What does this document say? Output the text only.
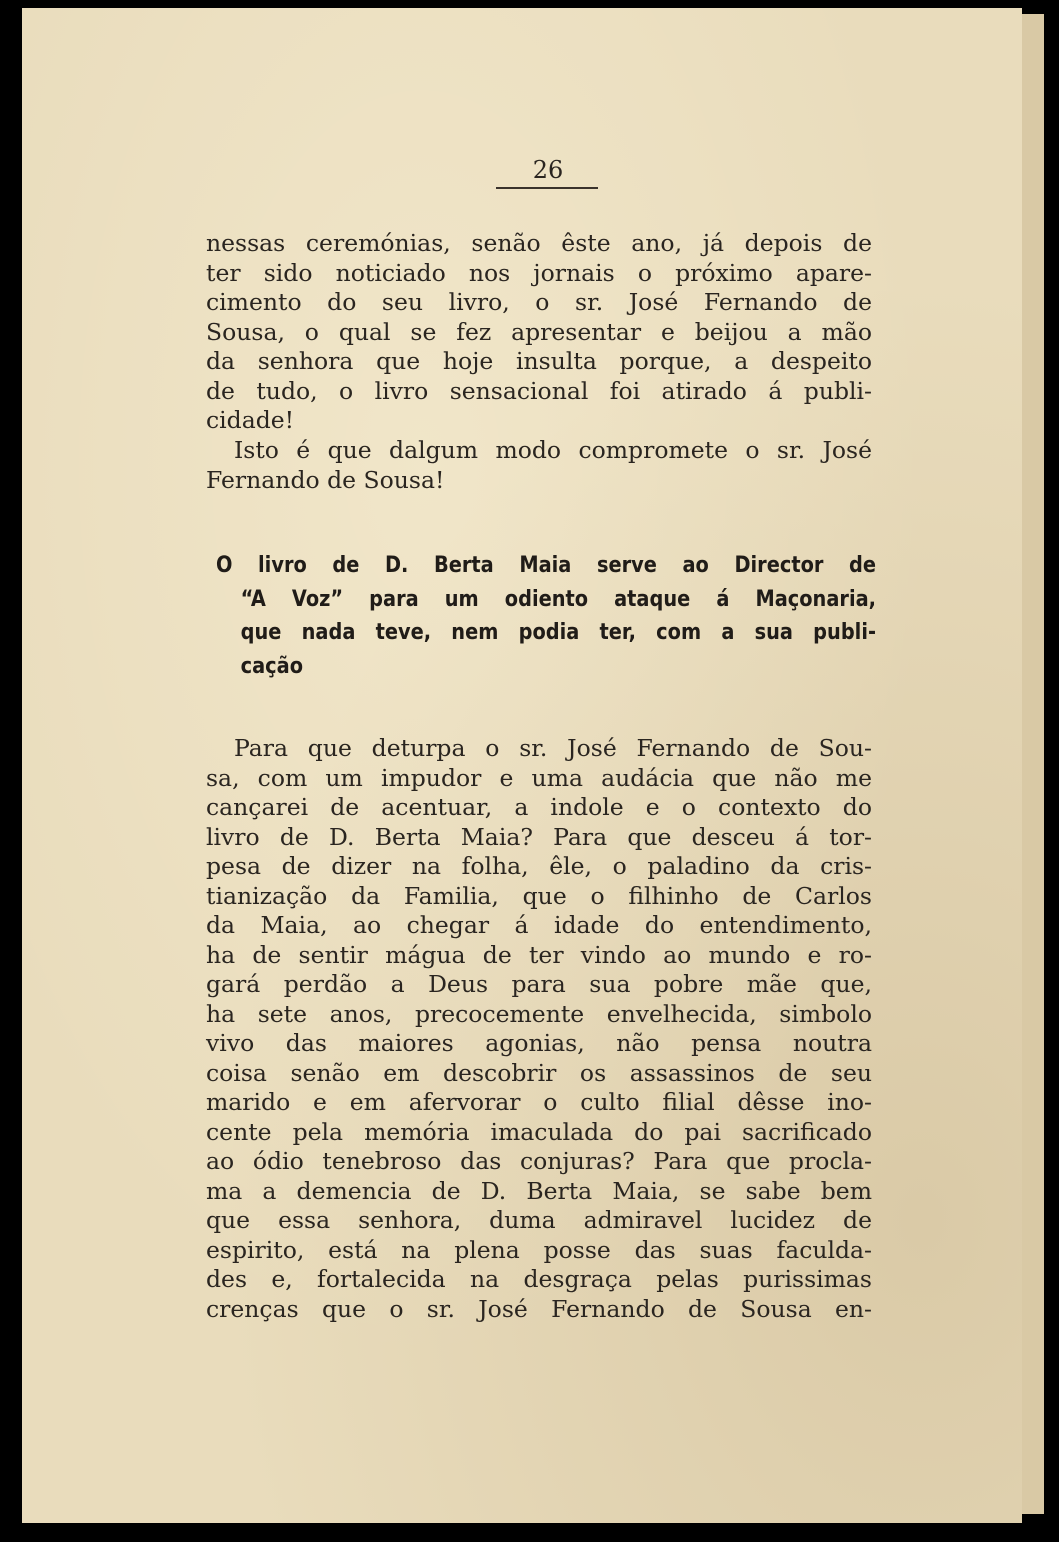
26
nessas ceremónias, senão êste ano, já depois de
ter sido noticiado nos jornais o próximo apare-
cimento do seu livro, o sr. José Fernando de
Sousa, o qual se fez apresentar e beijou a mão
da senhora que hoje insulta porque, a despeito
de tudo, o livro sensacional foi atirado á publi-
cidade!
Isto é que dalgum modo compromete o sr. José
Fernando de Sousa!
O livro de D. Berta Maia serve ao Director de
“A Voz” para um odiento ataque á Maçonaria,
que nada teve, nem podia ter, com a sua publi-
cação
Para que deturpa o sr. José Fernando de Sou-
sa, com um impudor e uma audácia que não me
cançarei de acentuar, a indole e o contexto do
livro de D. Berta Maia? Para que desceu á tor-
pesa de dizer na folha, êle, o paladino da cris-
tianização da Familia, que o filhinho de Carlos
da Maia, ao chegar á idade do entendimento,
ha de sentir mágua de ter vindo ao mundo e ro-
gará perdão a Deus para sua pobre mãe que,
ha sete anos, precocemente envelhecida, simbolo
vivo das maiores agonias, não pensa noutra
coisa senão em descobrir os assassinos de seu
marido e em afervorar o culto filial dêsse ino-
cente pela memória imaculada do pai sacrificado
ao ódio tenebroso das conjuras? Para que procla-
ma a demencia de D. Berta Maia, se sabe bem
que essa senhora, duma admiravel lucidez de
espirito, está na plena posse das suas faculda-
des e, fortalecida na desgraça pelas purissimas
crenças que o sr. José Fernando de Sousa en-
